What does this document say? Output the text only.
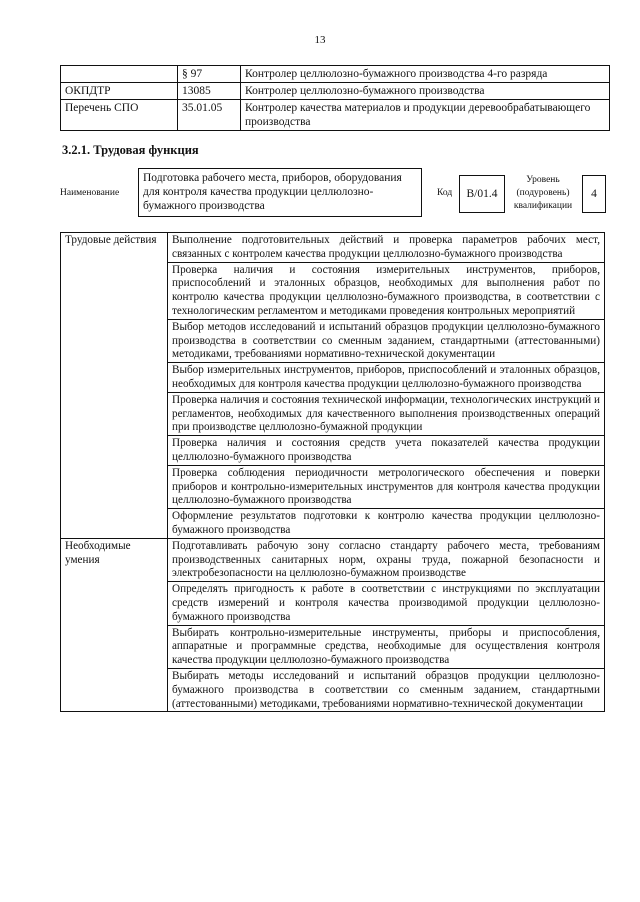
13
	§ 97	Контролер целлюлозно-бумажного производства 4-го разряда
ОКПДТР	13085	Контролер целлюлозно-бумажного производства
Перечень СПО	35.01.05	Контролер качества материалов и продукции деревообрабатывающего производства
3.2.1. Трудовая функция
Наименование
Подготовка рабочего места, приборов, оборудования для контроля качества продукции целлюлозно-бумажного производства
Код	B/01.4
Уровень (подуровень) квалификации
4
Трудовые действия	Выполнение подготовительных действий и проверка параметров рабочих мест, связанных с контролем качества продукции целлюлозно-бумажного производства
	Проверка наличия и состояния измерительных инструментов, приборов, приспособлений и эталонных образцов, необходимых для выполнения работ по контролю качества продукции целлюлозно-бумажного производства, в соответствии с технологическим регламентом и методиками проведения контрольных мероприятий
	Выбор методов исследований и испытаний образцов продукции целлюлозно-бумажного производства в соответствии со сменным заданием, стандартными (аттестованными) методиками, требованиями нормативно-технической документации
	Выбор измерительных инструментов, приборов, приспособлений и эталонных образцов, необходимых для контроля качества продукции целлюлозно-бумажного производства
	Проверка наличия и состояния технической информации, технологических инструкций и регламентов, необходимых для качественного выполнения производственных операций при производстве целлюлозно-бумажной продукции
	Проверка наличия и состояния средств учета показателей качества продукции целлюлозно-бумажного производства
	Проверка соблюдения периодичности метрологического обеспечения и поверки приборов и контрольно-измерительных инструментов для контроля качества продукции целлюлозно-бумажного производства
	Оформление результатов подготовки к контролю качества продукции целлюлозно-бумажного производства
Необходимые умения	Подготавливать рабочую зону согласно стандарту рабочего места, требованиям производственных санитарных норм, охраны труда, пожарной безопасности и электробезопасности на целлюлозно-бумажном производстве
	Определять пригодность к работе в соответствии с инструкциями по эксплуатации средств измерений и контроля качества производимой продукции целлюлозно-бумажного производства
	Выбирать контрольно-измерительные инструменты, приборы и приспособления, аппаратные и программные средства, необходимые для осуществления контроля качества продукции целлюлозно-бумажного производства
	Выбирать методы исследований и испытаний образцов продукции целлюлозно-бумажного производства в соответствии со сменным заданием, стандартными (аттестованными) методиками, требованиями нормативно-технической документации
